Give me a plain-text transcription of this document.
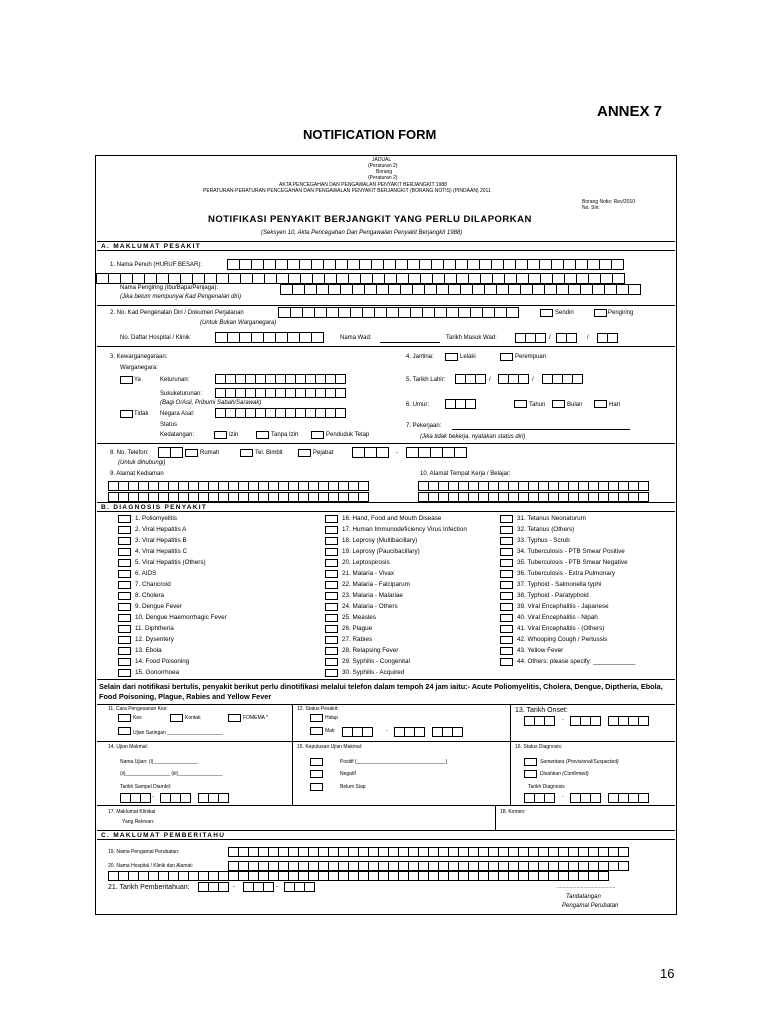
ANNEX 7
NOTIFICATION FORM
JADUAL
(Peraturan 2)
Borang
(Peraturan 2)
AKTA PENCEGAHAN DAN PENGAWALAN PENYAKIT BERJANGKIT 1988
PERATURAN-PERATURAN PENCEGAHAN DAN PENGAWALAN PENYAKIT BERJANGKIT (BORANG NOTIS) (PINDAAN) 2011
Borang Notis: Rev/2010
No. Siri:
NOTIFIKASI PENYAKIT BERJANGKIT YANG PERLU DILAPORKAN
(Seksyen 10, Akta Pencegahan Dan Pengawalan Penyakit Berjangkit 1988)
A. MAKLUMAT PESAKIT
1. Nama Penuh (HURUF BESAR):
Nama Pengiring (Ibu/Bapa/Penjaga):
(Jika belum mempunyai Kad Pengenalan diri)
2. No. Kad Pengenalan Diri / Dokumen Perjalanan
(Untuk Bukan Warganegara)
Sendiri	Pengiring
No. Daftar Hospital / Klinik	Nama Wad:	Tarikh Masuk Wad:	/	/
3. Kewarganegaraan:
Warganegara:
Ya	Keturunan:
Sukuketurunan:
(Bagi O/Asli, Pribumi Sabah/Sarawak)
Tidak Negara Asal:
Status
Kedatangan:	Izin	Tanpa Izin	Penduduk Tetap
4. Jantina:	Lelaki	Perempuan
5. Tarikh Lahir:	/	/
6. Umur:	Tahun	Bulan	Hari
7. Pekerjaan:
(Jika tidak bekerja, nyatakan status diri)
8. No. Telefon:	Rumah	Tel. Bimbit	Pejabat	-
(Untuk dihubungi)
9. Alamat Kediaman	10. Alamat Tempat Kerja / Belajar:
B. DIAGNOSIS PENYAKIT
1. Poliomyelitis
2. Viral Hepatitis A
3. Viral Hepatitis B
4. Viral Hepatitis C
5. Viral Hepatitis (Others)
6. AIDS
7. Chancroid
8. Cholera
9. Dengue Fever
10. Dengue Haemorrhagic Fever
11. Diphtheria
12. Dysentery
13. Ebola
14. Food Poisoning
15. Gonorrhoea
16. Hand, Food and Mouth Disease
17. Human Immunodeficiency Virus Infection
18. Leprosy (Multibacillary)
19. Leprosy (Paucibacillary)
20. Leptospirosis
21. Malaria - Vivax
22. Malaria - Falciparum
23. Malaria - Malariae
24. Malaria - Others
25. Measles
26. Plague
27. Rabies
28. Relapsing Fever
29. Syphilis - Congenital
30. Syphilis - Acquired
31. Tetanus Neonatorum
32. Tetanus (Others)
33. Typhus - Scrub
34. Tuberculosis - PTB Smear Positive
35. Tuberculosis - PTB Smear Negative
36. Tuberculosis - Extra Pulmonary
37. Typhoid - Salmonella typhi
38. Typhoid - Paratyphoid
39. Viral Encephalitis - Japanese
40. Viral Encephalitis - Nipah
41. Viral Encephalitis - (Others)
42. Whooping Cough / Pertussis
43. Yellow Fever
44. Others: please specify: ____________
Selain dari notifikasi bertulis, penyakit berikut perlu dinotifikasi melalui telefon dalam tempoh 24 jam iaitu:- Acute Poliomyelitis, Cholera, Dengue, Diptheria, Ebola, Food Poisoning, Plague, Rabies and Yellow Fever
11. Cara Pengesanan Kes:
Kes	Kontak	FOMEMA *
Ujian Saringan ____________________
12. Status Pesakit:
Hidup
Mati	-	-
13. Tarikh Onset:
-	-
14. Ujian Makmal:
Nama Ujian: (i)________________
(ii)________________ (iii)________________
Tarikh Sampel Diambil:
-	-
15. Keputusan Ujian Makmal:
Positif (________________________________)
Negatif
Belum Siap
16. Status Diagnosis:
Sementara (Provisional/Suspected)
Disahkan (Confirmed)
Tarikh Diagnosis
-	-
17. Maklumat Klinikal
Yang Relevan:
18. Komen:
C. MAKLUMAT PEMBERITAHU
19. Nama Pengamal Perubatan:
20. Nama Hospital / Klinik dan Alamat:
21. Tarikh Pemberitahuan:	-	-	..........................................
Tandatangan
Pengamal Perubatan
16
